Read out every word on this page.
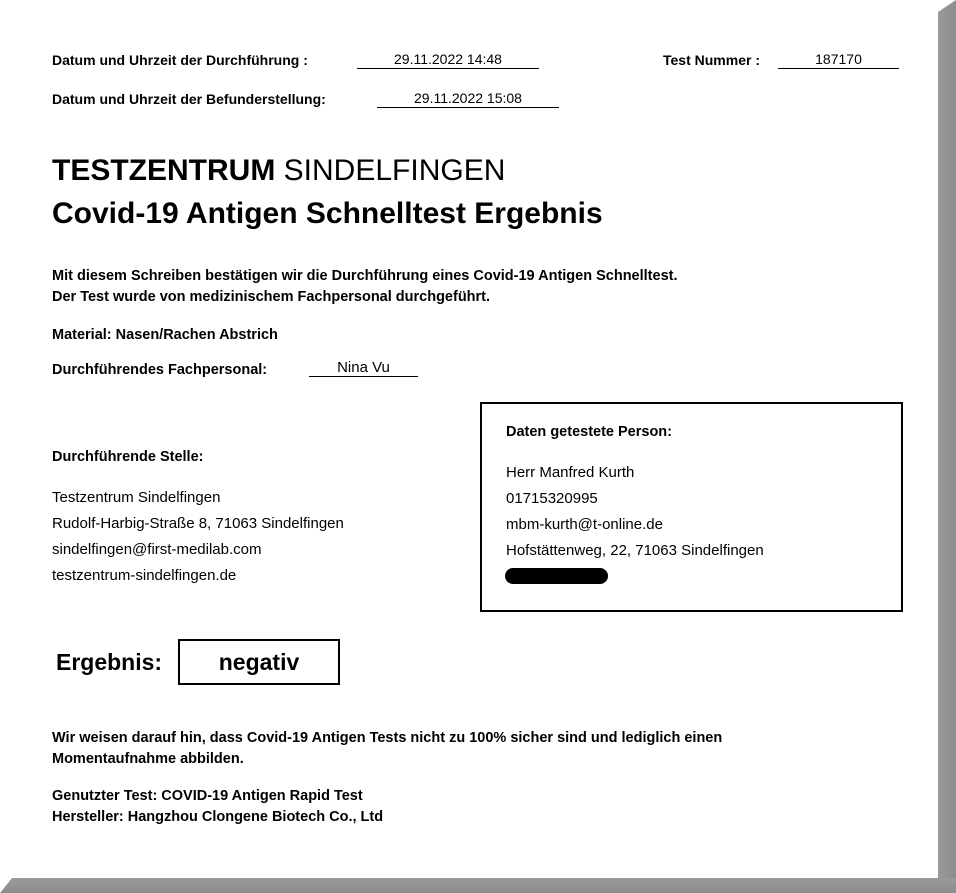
Datum und Uhrzeit der Durchführung :	29.11.2022 14:48	Test Nummer :	187170
Datum und Uhrzeit der Befunderstellung:	29.11.2022 15:08
TESTZENTRUM SINDELFINGEN
Covid-19 Antigen Schnelltest Ergebnis
Mit diesem Schreiben bestätigen wir die Durchführung eines Covid-19 Antigen Schnelltest.
Der Test wurde von medizinischem Fachpersonal durchgeführt.
Material: Nasen/Rachen Abstrich
Durchführendes Fachpersonal:	Nina Vu
Durchführende Stelle:
Testzentrum Sindelfingen
Rudolf-Harbig-Straße 8, 71063 Sindelfingen
sindelfingen@first-medilab.com
testzentrum-sindelfingen.de
Daten getestete Person:
Herr Manfred Kurth
01715320995
mbm-kurth@t-online.de
Hofstättenweg, 22, 71063 Sindelfingen
Ergebnis:	negativ
Wir weisen darauf hin, dass Covid-19 Antigen Tests nicht zu 100% sicher sind und lediglich einen
Momentaufnahme abbilden.
Genutzter Test: COVID-19 Antigen Rapid Test
Hersteller: Hangzhou Clongene Biotech Co., Ltd
